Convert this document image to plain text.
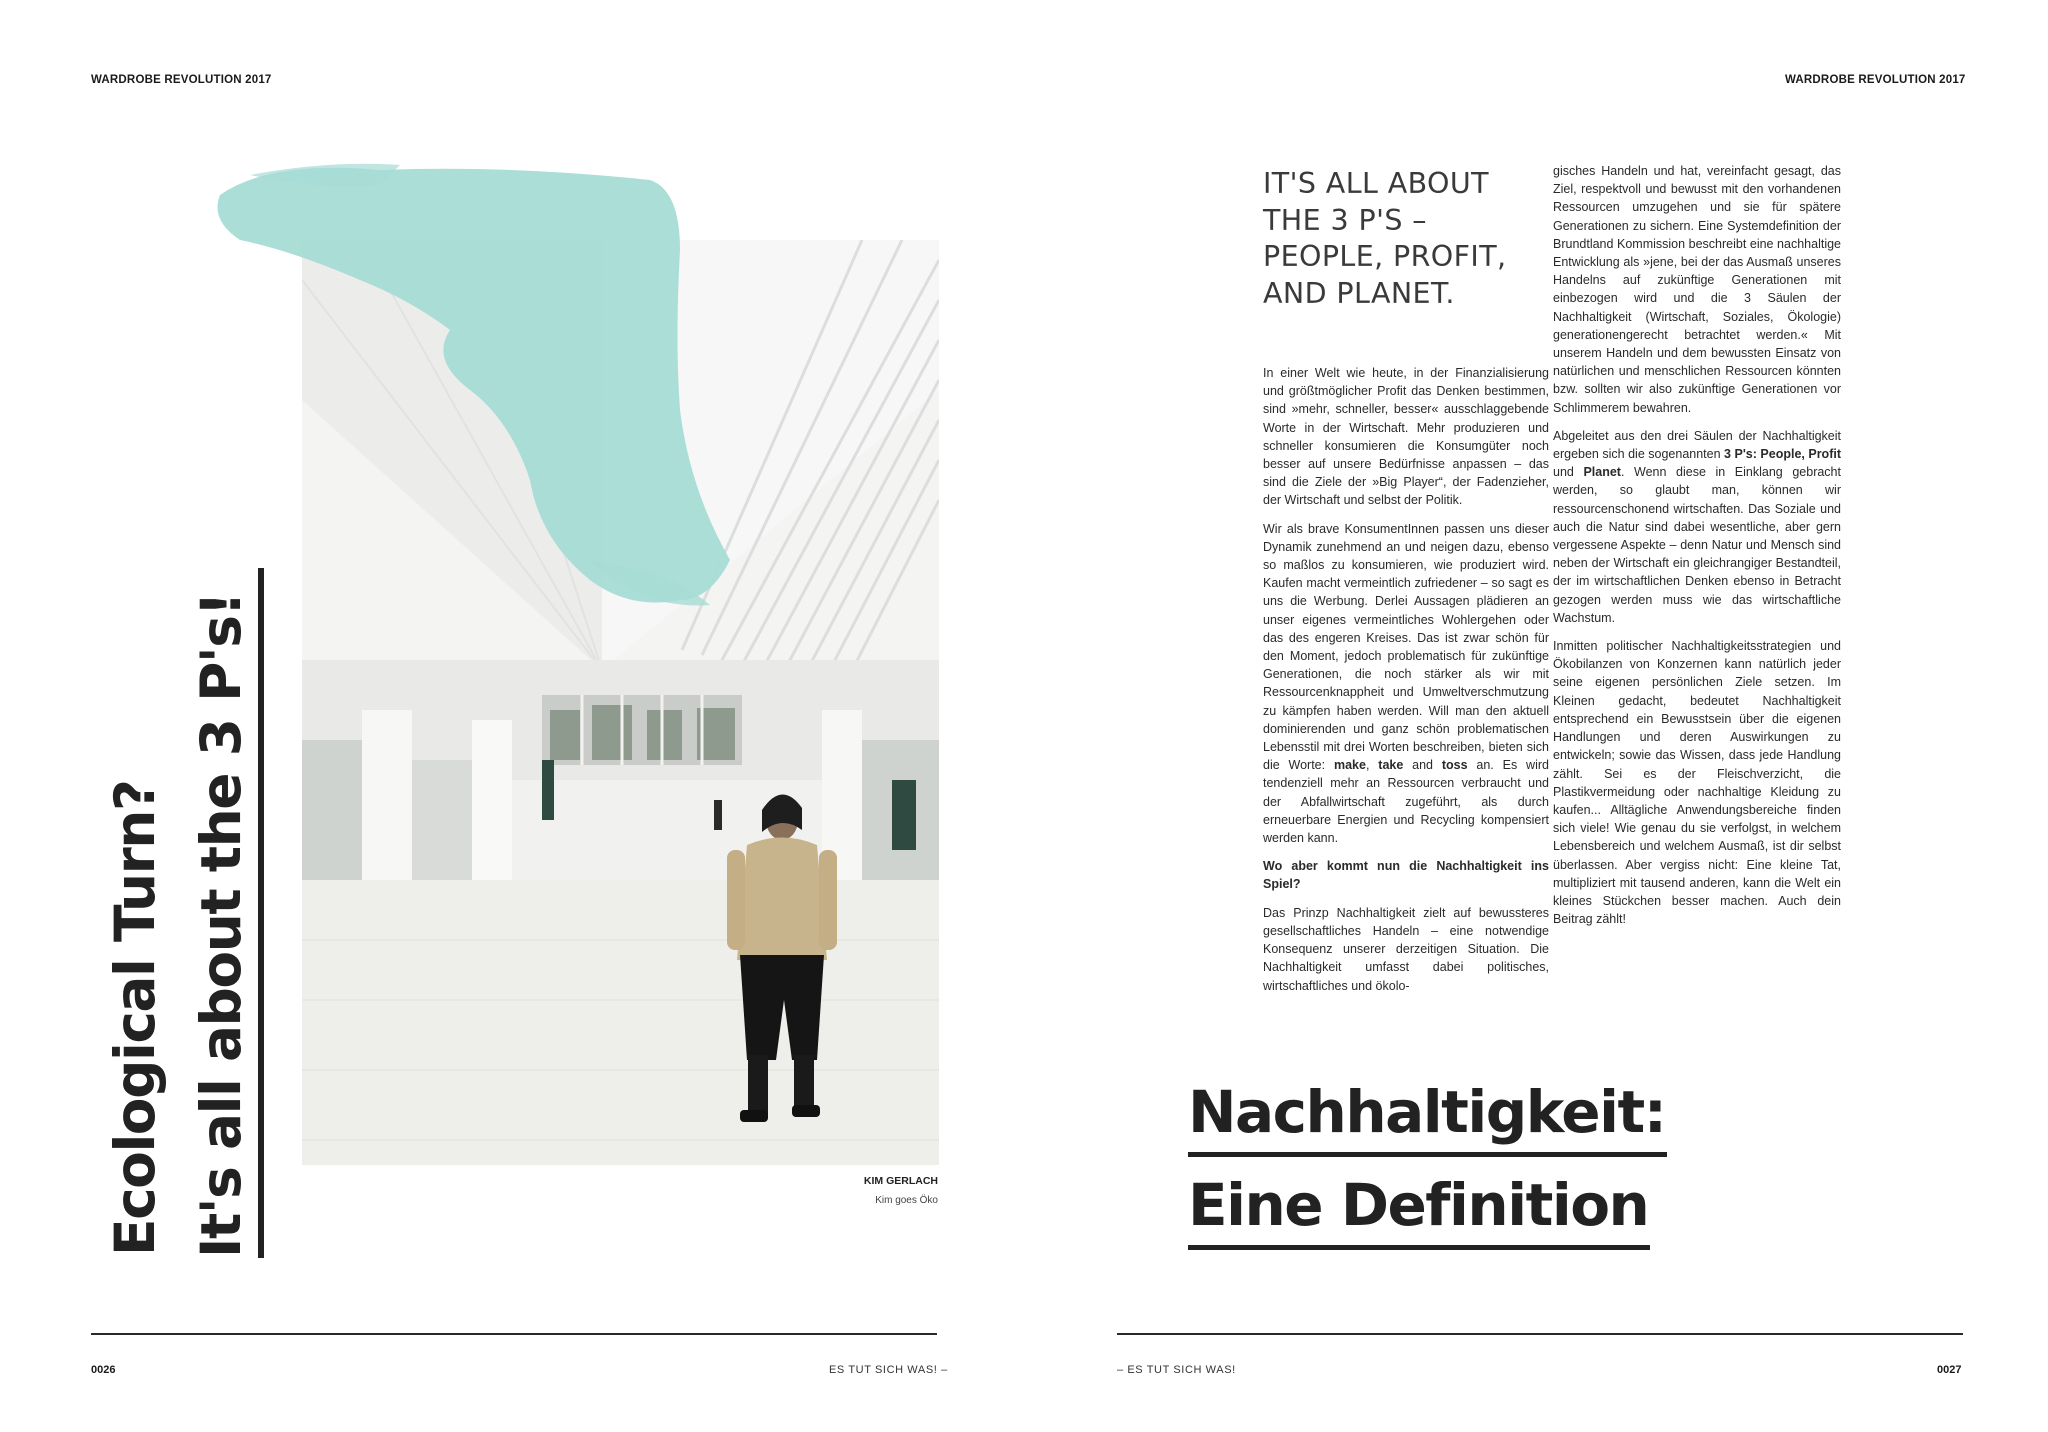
WARDROBE REVOLUTION 2017
KIM GERLACH
Kim goes Öko
Ecological Turn? It's all about the 3 P's!
0026	ES TUT SICH WAS! –
WARDROBE REVOLUTION 2017
IT'S ALL ABOUT
THE 3 P'S –
PEOPLE, PROFIT,
AND PLANET.

In einer Welt wie heute, in der Finanzialisierung und größtmöglicher Profit das Denken bestimmen, sind »mehr, schneller, besser« ausschlaggebende Worte in der Wirtschaft. Mehr produzieren und schneller konsumieren die Konsumgüter noch besser auf unsere Bedürfnisse anpassen – das sind die Ziele der »Big Player“, der Fadenzieher, der Wirtschaft und selbst der Politik.

Wir als brave KonsumentInnen passen uns dieser Dynamik zunehmend an und neigen dazu, ebenso so maßlos zu konsumieren, wie produziert wird. Kaufen macht vermeintlich zufriedener – so sagt es uns die Werbung. Derlei Aussagen plädieren an unser eigenes vermeintliches Wohlergehen oder das des engeren Kreises. Das ist zwar schön für den Moment, jedoch problematisch für zukünftige Generationen, die noch stärker als wir mit Ressourcenknappheit und Umweltverschmutzung zu kämpfen haben werden. Will man den aktuell dominierenden und ganz schön problematischen Lebensstil mit drei Worten beschreiben, bieten sich die Worte: make, take and toss an. Es wird tendenziell mehr an Ressourcen verbraucht und der Abfallwirtschaft zugeführt, als durch erneuerbare Energien und Recycling kompensiert werden kann.

Wo aber kommt nun die Nachhaltigkeit ins Spiel?

Das Prinzp Nachhaltigkeit zielt auf bewussteres gesellschaftliches Handeln – eine notwendige Konsequenz unserer derzeitigen Situation. Die Nachhaltigkeit umfasst dabei politisches, wirtschaftliches und ökolo-

gisches Handeln und hat, vereinfacht gesagt, das Ziel, respektvoll und bewusst mit den vorhandenen Ressourcen umzugehen und sie für spätere Generationen zu sichern. Eine Systemdefinition der Brundtland Kommission beschreibt eine nachhaltige Entwicklung als »jene, bei der das Ausmaß unseres Handelns auf zukünftige Generationen mit einbezogen wird und die 3 Säulen der Nachhaltigkeit (Wirtschaft, Soziales, Ökologie) generationengerecht betrachtet werden.« Mit unserem Handeln und dem bewussten Einsatz von natürlichen und menschlichen Ressourcen könnten bzw. sollten wir also zukünftige Generationen vor Schlimmerem bewahren.

Abgeleitet aus den drei Säulen der Nachhaltigkeit ergeben sich die sogenannten 3 P's: People, Profit und Planet. Wenn diese in Einklang gebracht werden, so glaubt man, können wir ressourcenschonend wirtschaften. Das Soziale und auch die Natur sind dabei wesentliche, aber gern vergessene Aspekte – denn Natur und Mensch sind neben der Wirtschaft ein gleichrangiger Bestandteil, der im wirtschaftlichen Denken ebenso in Betracht gezogen werden muss wie das wirtschaftliche Wachstum.

Inmitten politischer Nachhaltigkeitsstrategien und Ökobilanzen von Konzernen kann natürlich jeder seine eigenen persönlichen Ziele setzen. Im Kleinen gedacht, bedeutet Nachhaltigkeit entsprechend ein Bewusstsein über die eigenen Handlungen und deren Auswirkungen zu entwickeln; sowie das Wissen, dass jede Handlung zählt. Sei es der Fleischverzicht, die Plastikvermeidung oder nachhaltige Kleidung zu kaufen... Alltägliche Anwendungsbereiche finden sich viele! Wie genau du sie verfolgst, in welchem Lebensbereich und welchem Ausmaß, ist dir selbst überlassen. Aber vergiss nicht: Eine kleine Tat, multipliziert mit tausend anderen, kann die Welt ein kleines Stückchen besser machen. Auch dein Beitrag zählt!

Nachhaltigkeit:
Eine Definition
– ES TUT SICH WAS!	0027
